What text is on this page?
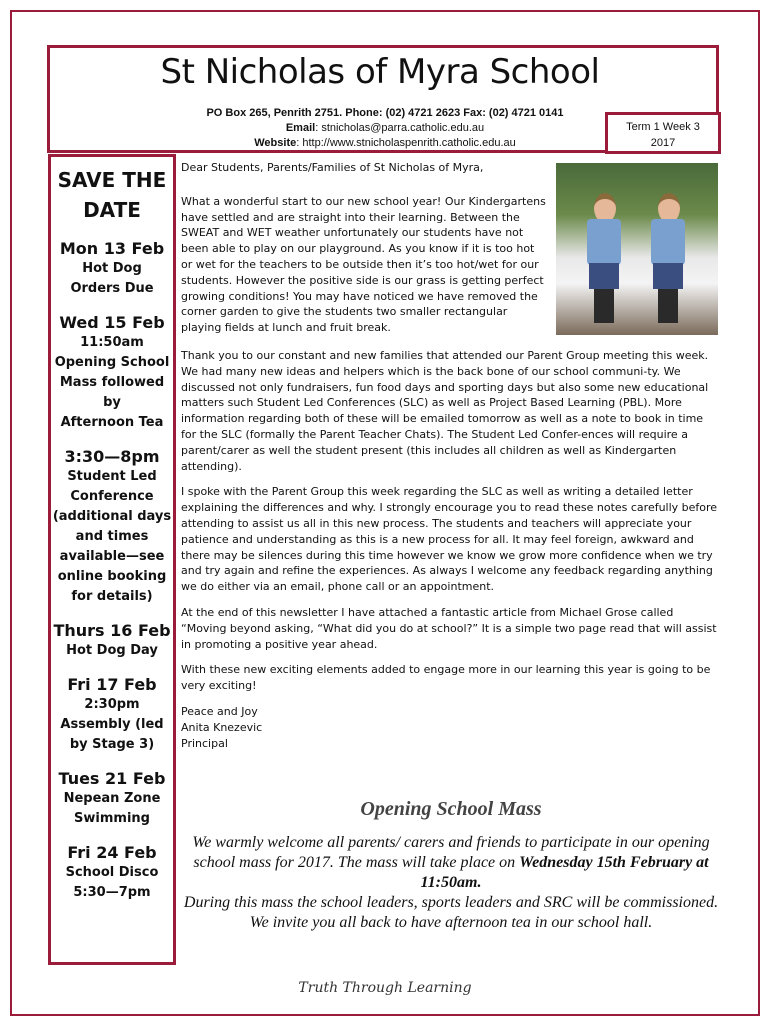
St Nicholas of Myra School
PO Box 265, Penrith 2751. Phone: (02) 4721 2623 Fax: (02) 4721 0141
Email: stnicholas@parra.catholic.edu.au
Website: http://www.stnicholaspenrith.catholic.edu.au
Term 1 Week 3
2017
SAVE THE
DATE
Mon 13 Feb
Hot Dog
Orders Due
Wed 15 Feb
11:50am
Opening School
Mass followed
by
Afternoon Tea
3:30—8pm
Student Led
Conference
(additional days
and times
available—see
online booking
for details)
Thurs 16 Feb
Hot Dog Day
Fri 17 Feb
2:30pm
Assembly (led
by Stage 3)
Tues 21 Feb
Nepean Zone
Swimming
Fri 24 Feb
School Disco
5:30—7pm

Dear Students, Parents/Families of St Nicholas of Myra,

What a wonderful start to our new school year! Our Kindergartens have settled and are straight into their learning. Between the SWEAT and WET weather unfortunately our students have not been able to play on our playground. As you know if it is too hot or wet for the teachers to be outside then it’s too hot/wet for our students. However the positive side is our grass is getting perfect growing conditions! You may have noticed we have removed the corner garden to give the students two smaller rectangular playing fields at lunch and fruit break.

Thank you to our constant and new families that attended our Parent Group meeting this week. We had many new ideas and helpers which is the back bone of our school communi-ty. We discussed not only fundraisers, fun food days and sporting days but also some new educational matters such Student Led Conferences (SLC) as well as Project Based Learning (PBL). More information regarding both of these will be emailed tomorrow as well as a note to book in time for the SLC (formally the Parent Teacher Chats). The Student Led Confer-ences will require a parent/carer as well the student present (this includes all children as well as Kindergarten attending).

I spoke with the Parent Group this week regarding the SLC as well as writing a detailed letter explaining the differences and why. I strongly encourage you to read these notes carefully before attending to assist us all in this new process. The students and teachers will appreciate your patience and understanding as this is a new process for all. It may feel foreign, awkward and there may be silences during this time however we know we grow more confidence when we try and try again and refine the experiences. As always I welcome any feedback regarding anything we do either via an email, phone call or an appointment.

At the end of this newsletter I have attached a fantastic article from Michael Grose called “Moving beyond asking, “What did you do at school?” It is a simple two page read that will assist in promoting a positive year ahead.

With these new exciting elements added to engage more in our learning this year is going to be very exciting!

Peace and Joy
Anita Knezevic
Principal
Opening School Mass
We warmly welcome all parents/ carers and friends to participate in our opening school mass for 2017. The mass will take place on Wednesday 15th February at 11:50am.
During this mass the school leaders, sports leaders and SRC will be commissioned.
We invite you all back to have afternoon tea in our school hall.
Truth Through Learning
